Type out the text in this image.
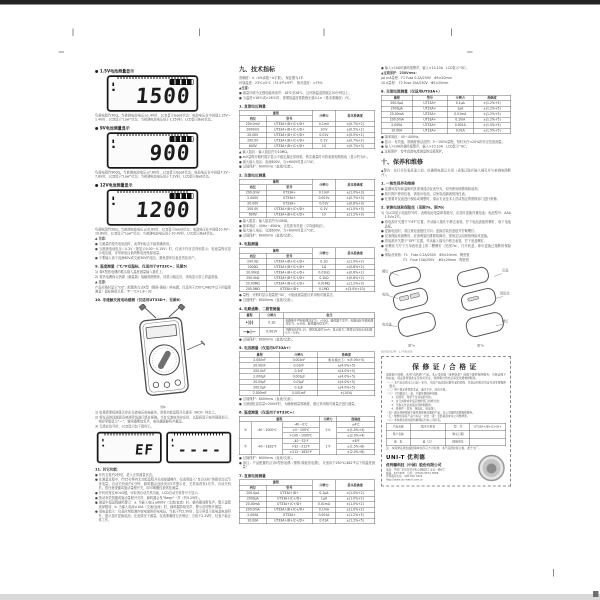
● 1.5V电池测量显示
▮
▪ 1500
负载电阻约30Ω。当被测电池电压≥1.4V时，LCD显示Good状态；电池电压在中间值1.25V～1.4V时，LCD显示“Low”状态；当被测电池电压低于1.25V时，LCD显示Bad状态。
● 9V电池测量显示
▮
▪ 900
负载电阻约900Ω。当被测电池电压≥7.8V时，LCD显示Good状态；电池电压在中间值7.2V～7.8V时，LCD显示“Low”状态；当被测电池电压低于7.2V时，LCD显示Bad状态。
● 12V电池测量显示
▮
▪ 1200
负载电阻约50Ω。当被测电池电压≥10.8V时，LCD显示Good状态；电池电压在中间值10.4V～10.8V时，LCD显示“Low”状态；当被测电池电压低于10.4V时，LCD显示Bad状态。
▲ 注意：
● 当测量的是充电电池时，此判别标志不能准确套用。
● 当被测电池电压＜0.2V（即显示0.00～0.15V）时，仪表不作状态判别显示；电池量程仅显示电压值，可用该电压值判断电池残留电量。
● 不要输入高于直流60V或交流30V的电压，避免损坏仪表及伤及用户。
9. 温度测量（℃/℉双温标、仅适用于UT33C+、见图5）
1) 将K型热电偶的插头插入温度测量输入插孔上。
2) 将热电偶探头热端（测温端）接触被测物体，待显示稳定后，读取显示屏上的温度值。
▲ 注意：
产品开路时显示“OL”；配置的点式K型（镍铬-镍硅）热电偶，仅适用于250℃/482℉以下的温度测量！温标换算关系：℉＝℃×1.8＋32
10. 非接触交流电场感测（仅适用UT33D+、见图6）
图6
1) 如果需要检测是否存在交流电压或电磁场，请将功能量程开关旋至（NCV）档位上。
2) 将仪表的顶端靠近被测导线进行感应探测。当有交流电场存在时，以段码显示电场强弱指示，相应等级显示“—”，蜂鸣器断续发声，电场越强蜂鸣声越急。
3) 无感应信号时，LCD显示如下图所示。
▮
▪ EF
▮
▪ ----
11. 其它功能：
● 开机全显约2秒后，进入正常测量状态。
● 在测量过程中，约15分钟内无功能量程开关或按键操作，仪表将进入“自动关机”休眠状态以节省电量。自动关机前约1分钟，蜂鸣器会连续发出5声提示音，关机前再发1长声。自动关机后，按任意按键或旋动量程开关，即可唤醒仪表恢复测量。
● 开机时按住HOLD键，可取消自动关机功能，LCD自动关机符号不显示。
● 按动有效按键或旋动量程开关时，蜂鸣器会发“Beep”一声（约0.25秒）。
● 测量中超量程蜂鸣警示：a. 当输入电压≥600V（交流/直流）时，蜂鸣器间断发声，警示量程选择错误；b. 当输入电流≥10A（交流/直流）时，蜂鸣器持续发声，警示及时断开测量。
● 低电量指示：仪表时刻检测内部电池的供电电压，当低于约2.5V时，显示屏显示低电量电池符号，提示及时更换电池；在此情况下测量，仪表准确度无法保证；当低于2.2V时，仪表不能正常工作。
九、技术指标
准确度：±（a%读数＋b字数），保证期为1年
环境温度：23℃±5℃（73.4℉±9℉）　相对湿度：<75%
▲注意：
● 测量环境为无强电磁场条件：18℃至28℃，且环境温湿度稳定30分钟以上。
● 当温度<18℃或>28℃时，需增加温度系数修正值0.1×（基本准确度）/℃。
1. 直流电压测量
量程		分辨力	基本准确度
档位	型号		
200.0mV	UT33A+/B+/C+/D+	0.1mV	±(0.7%+2)
2000mV	UT33A+/B+/C+/D+	1mV	±(0.5%+2)
20.00V	UT33A+/B+/C+/D+	0.01V	±(0.5%+2)
200.0V	UT33A+/B+/C+/D+	0.1V	±(0.7%+2)
600V	UT33A+/B+/C+/D+	1V	±(0.7%+3)
▲ 输入阻抗：输入阻抗约为10MΩ。
● mV量程开路时数字显示不稳定属正常现象，核实测量时可将表笔短路校验（显示约为0）。
● 最大输入电压：直流600V，当>600V时显示“OL”。
● 过载保护：600Vrms（直流/交流）。
2. 交流电压测量
量程		分辨力	基本准确度
档位	型号		
200.0mV	UT33A+	0.1mV	±(1.0%+3)
2.000V	UT33A+	0.001V	±(0.7%+3)
20.00V	UT33A+	0.01V	±(0.8%+3)
200.0V	UT33A+/B+/C+/D+	0.1V	±(1.0%+3)
600V	UT33A+/B+/C+/D+	1V	±(1.2%+3)
● 输入阻抗：输入阻抗约为10MΩ。
● 频率响应：40Hz～400Hz，正弦波有效值（平均值响应）。
● 最大输入电压：交流600V，当>600V时显示“OL”。
● 过载保护：600Vrms（直流/交流）。
3. 电阻测量
量程		分辨力	基本准确度
档位	型号		
200.0Ω	UT33A+/B+/C+/D+	0.1Ω	±(1.0%+2)
2000Ω	UT33A+/B+/C+/D+	1Ω	±(0.8%+2)
20.00kΩ	UT33A+/B+/C+/D+	0.01kΩ	±(0.8%+2)
200.0kΩ	UT33A+/B+/C+/D+	0.1kΩ	±(0.8%+2)
20.00MΩ	UT33A+/B+/C+/D+	0.01MΩ	±(1.2%+3)
200.0MΩ	UT33A+/D+	0.1MΩ	±(3.0%+10)
● 量程：开路时显示超量程“OL”，小阻值测量建议采用相对测量法。
● 过载保护：600Vrms（直流/交流）。
4. 电路通断、二极管测量
量程	分辨力	备注
•)))	0.1Ω	电路断开声响检测设定为：>50Ω，蜂鸣器不发声；电路良好导通检测设定为：≤30Ω，蜂鸣器连续发声。
—▶|—	0.001V	开路电压约2.1V，测试电流约1mA，显示值为二极管正向电压近似值0.5～0.8V。
● 过载保护：600Vrms（直流/交流）。
5. 电容测量（仅适用UT33A+）
量程	分辨力	准确度
2.000nF	0.001nF	相对模式下：±(5.0%+5)
20.00nF	0.01nF	±(4.0%+5)
200.0nF	0.1nF	±(4.0%+5)
2.000μF	0.001μF	±(4.0%+5)
20.00μF	0.01μF	±(4.0%+5)
200.0μF	0.1μF	±(4.0%+5)
2.000mF	0.001mF	±(10%)
● 过载保护：600Vrms（直流/交流）。
● 当被测电容容量<200nF时，为确保测量准确度，建议采用相对测量法进行测量。
6. 温度测量（仅适用于UT33C+）
量程			分辨力	准确度
℃	-40～1000℃	-40～0℃	1℃	±4℃
		>0～100℃		±(1.0%+4)
		>100～1000℃		±(2.0%+4)
℉	-40～1832℉	-40～32℉	1℉	±8℉
		>32～212℉		±(1.5%+8)
		>212～1832℉		±(2.0%+8)
● 过载保护：600Vrms（直流/交流）。
● 备注：产品配置的点式K型热电偶（镍铬-镍硅热电偶），仅适用于250℃/482℉以下的温度测量！
7. 直流电流测量
量程		分辨力	基本准确度
档位	型号		
200.0μA	UT33A+/B+	0.1μA	±(1.0%+2)
2000μA	UT33A+/C+/D+	1μA	±(1.0%+2)
20.00mA	UT33A+/C+/D+	0.01mA	±(1.0%+2)
200.0mA	UT33A+/B+/C+/D+	0.1mA	±(1.0%+2)
2.000A	UT33A+	0.001A	±(1.2%+5)
10.00A	UT33A+/B+/C+/D+	0.01A	±(1.2%+5)
● 输入>10A时蜂鸣报警声，输入>10.10A　LCD显示“OL”。
▲过载保护：250Vrms：
μA mA量程：F1 Fuse 0.2A/250V　Φ5×20mm
10 A量程： F2 Fuse 10A/250V　Φ5×20mm
8. 交流电流测量（仅适用UT33A+）
量程	型号	分辨力	准确度
200.0μA	UT33A+	0.1μA	±(1.2%+5)
2000μA	UT33A+	1μA	±(1.2%+5)
20.00mA	UT33A+	0.01mA	±(1.2%+5)
200.0mA	UT33A+	0.1mA	±(1.2%+5)
2.000A	UT33A+	0.001A	±(1.5%+5)
10.00A	UT33A+	0.01A	±(1.5%+5)
● 频率响应：40～400Hz。
● 显示：有效值，准确度保证范围：5～100%量程，短时允许<20%的非正弦波测量。
● 输入>10A时蜂鸣报警声，输入>10.10A　LCD显示“OL”。
▲ 过载保护：参考直流电流测量的过载保护。
十、保养和维修
▲警告：在打开仪表底盖之前，应确保电源已关闭（表笔已脱开输入插孔并与被测电路断开）。
1. 一般性保养和维修
● 定期用湿布和温和的洗涤剂清洁仪表外壳，切勿使用研磨剂和溶剂。
● 如长期不使用仪表，请取出电池，以免电池漏液侵蚀仪表。
● 在需要对仪表进行校验或调整时，请由专业技术人员或指定的维修部门进行维修。
2. 更换电池和保险丝（见图7a、图7b）
1) 当LCD显示电池符号时，表明电池电量即将耗尽，应及时更换内置电池；电池型号：AAA 1.5V×2节。
● 将电源开关置于“OFF”位置，并从输入插孔中移去表笔，拧下电池盖板的螺钉，取下电池盖板。
● 更换电池时，须注意电池极性方向；更换后装回盖板并拧紧螺钉。
● 仪表保险丝熔断时，应查明原因排除故障后，按规定以同规格保险丝更换。
● 将电源开关置于“OFF”位置，并从输入插孔中移去表笔，拧下底盖螺钉。
● 用螺丝刀拧下万用表底盖上的二颗螺钉（见图7b），打开底盖，即可更换已熔断的保险丝。
● 保险丝规格：F1　Fuse 0.2A/250V　Φ5×20mm　陶瓷管
　　　　　　　F2　Fuse 10A/250V 　Φ5×20mm　陶瓷管
螺钉
电池
电池盖
图7a
后盖
保险丝
螺钉
图7b
B1062022M　1.07/N/200
保修证/合格证
承蒙阁下信赖，选用“优利德”产品。本公司依据《保修条款》向阁下提供保修服务；为保证阁下的权益，请妥善保管此证及购买凭证，保修期内凭此证享受免费维修服务。
（一）本产品自购买之日起一年内，凡因产品质量问题引起的故障，凭此证和购买凭证可获免费维修服务。
（二）用户须妥善保管本证，遗失不补，涂改无效。
（三）下列情况之一者，不属免费保修范围：
　　1、因使用、保管不当造成损坏的；
　　2、自行拆修或非指定维修部门拆修过的；
　　3、无购买凭证或超过保修期限的；
　　4、易损件（表笔、保险丝、电池等）。
（四）超过保修期或不属免费保修范围的产品，本公司提供收费维修服务。
（五）维修时请将产品与本证一并送（寄）至经销商或本公司维修部。
（六）本保修条款的最终解释权归本公司所有。
产品名称	数字万用表	型　号	UT33A+/B+/C+/D+
用户名称		购买日期	
地　址	盖（章）	经销单位	
注：本保修证须加盖经销单位印章方为有效；本产品经检验合格，准予出厂。
UNI-T 优利德
优利德科技（中国）股份有限公司
地址：中国广东省东莞市松山湖园区工业北一路6号
邮编：523 808　总机：(0769) 8572 3888
咨询服务热线：400 876 7822
http://www.uni-trend.com.cn
